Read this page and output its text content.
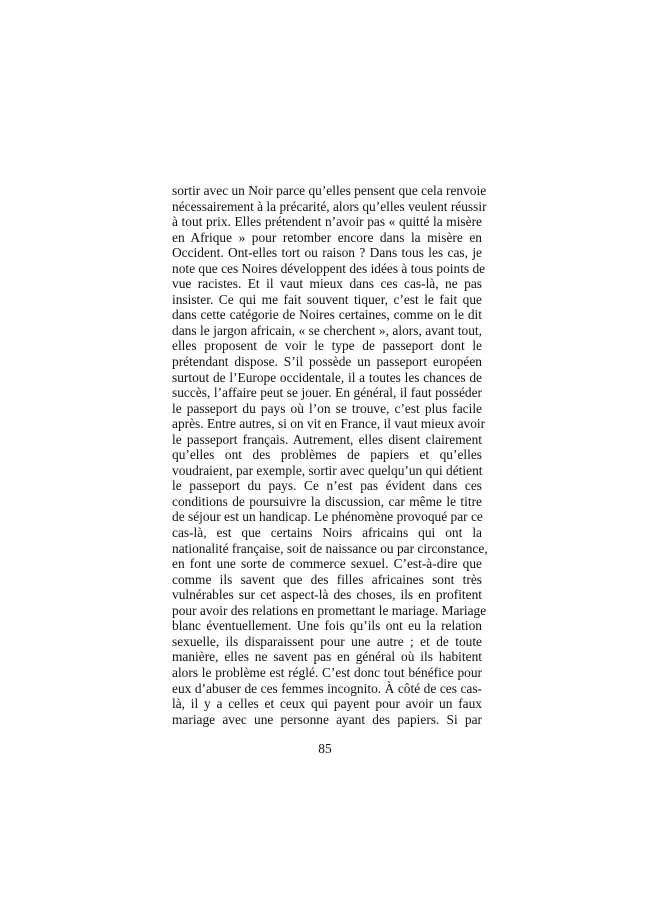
sortir avec un Noir parce qu’elles pensent que cela renvoie
nécessairement à la précarité, alors qu’elles veulent réussir
à tout prix. Elles prétendent n’avoir pas « quitté la misère
en Afrique » pour retomber encore dans la misère en
Occident. Ont-elles tort ou raison ? Dans tous les cas, je
note que ces Noires développent des idées à tous points de
vue racistes. Et il vaut mieux dans ces cas-là, ne pas
insister. Ce qui me fait souvent tiquer, c’est le fait que
dans cette catégorie de Noires certaines, comme on le dit
dans le jargon africain, « se cherchent », alors, avant tout,
elles proposent de voir le type de passeport dont le
prétendant dispose. S’il possède un passeport européen
surtout de l’Europe occidentale, il a toutes les chances de
succès, l’affaire peut se jouer. En général, il faut posséder
le passeport du pays où l’on se trouve, c’est plus facile
après. Entre autres, si on vit en France, il vaut mieux avoir
le passeport français. Autrement, elles disent clairement
qu’elles ont des problèmes de papiers et qu’elles
voudraient, par exemple, sortir avec quelqu’un qui détient
le passeport du pays. Ce n’est pas évident dans ces
conditions de poursuivre la discussion, car même le titre
de séjour est un handicap. Le phénomène provoqué par ce
cas-là, est que certains Noirs africains qui ont la
nationalité française, soit de naissance ou par circonstance,
en font une sorte de commerce sexuel. C’est-à-dire que
comme ils savent que des filles africaines sont très
vulnérables sur cet aspect-là des choses, ils en profitent
pour avoir des relations en promettant le mariage. Mariage
blanc éventuellement. Une fois qu’ils ont eu la relation
sexuelle, ils disparaissent pour une autre ; et de toute
manière, elles ne savent pas en général où ils habitent
alors le problème est réglé. C’est donc tout bénéfice pour
eux d’abuser de ces femmes incognito. À côté de ces cas-
là, il y a celles et ceux qui payent pour avoir un faux
mariage avec une personne ayant des papiers. Si par
85
